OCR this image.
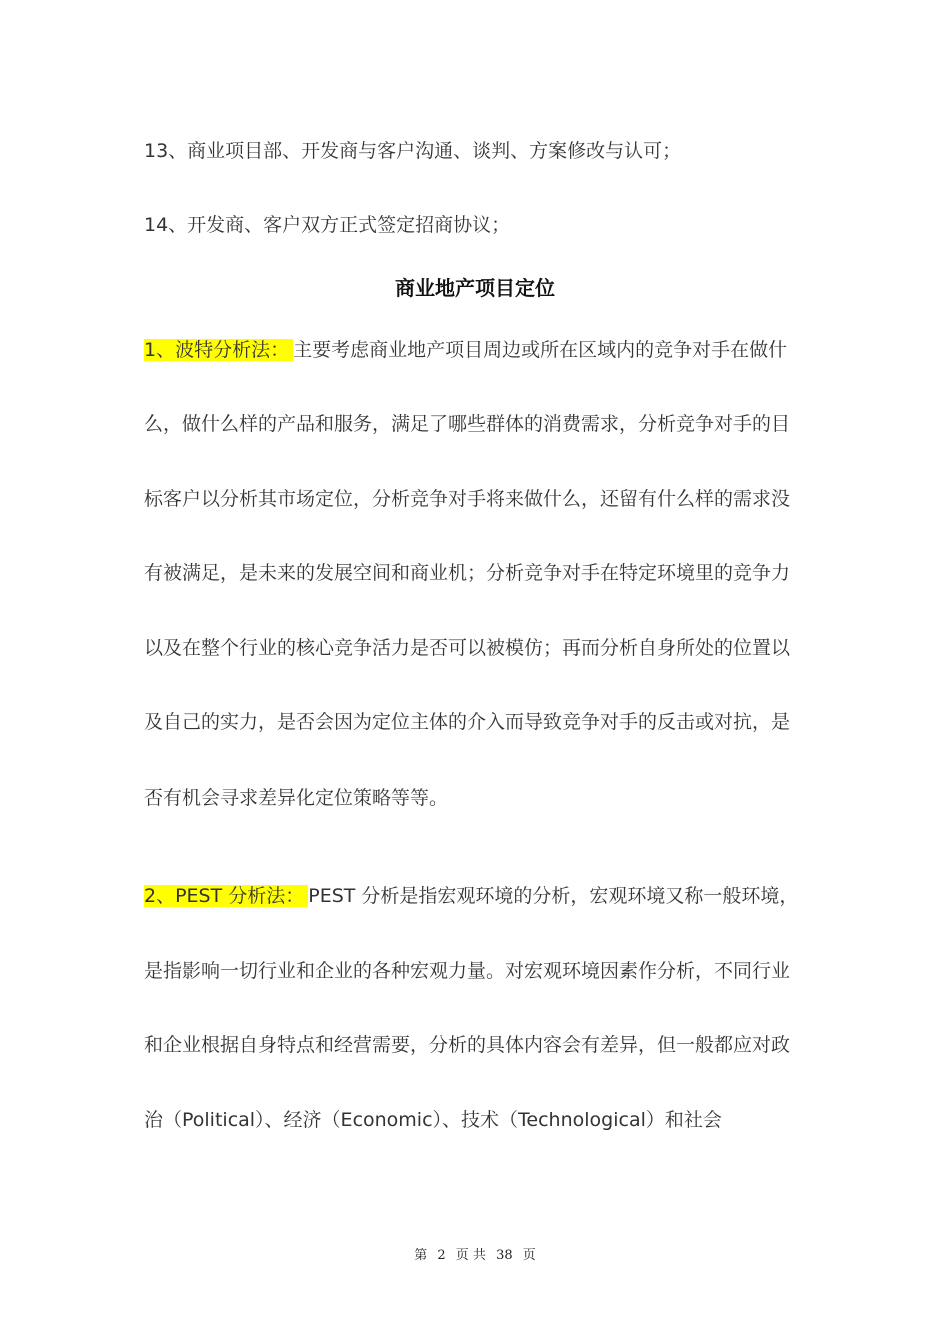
13、商业项目部、开发商与客户沟通、谈判、方案修改与认可；
14、开发商、客户双方正式签定招商协议；
商业地产项目定位
1、波特分析法： 主要考虑商业地产项目周边或所在区域内的竞争对手在做什
么，做什么样的产品和服务，满足了哪些群体的消费需求，分析竞争对手的目
标客户以分析其市场定位，分析竞争对手将来做什么，还留有什么样的需求没
有被满足，是未来的发展空间和商业机；分析竞争对手在特定环境里的竞争力
以及在整个行业的核心竞争活力是否可以被模仿；再而分析自身所处的位置以
及自己的实力，是否会因为定位主体的介入而导致竞争对手的反击或对抗，是
否有机会寻求差异化定位策略等等。
2、PEST 分析法： PEST 分析是指宏观环境的分析，宏观环境又称一般环境，
是指影响一切行业和企业的各种宏观力量。对宏观环境因素作分析，不同行业
和企业根据自身特点和经营需要，分析的具体内容会有差异，但一般都应对政
治（Political）、经济（Economic）、技术（Technological）和社会
第 2 页 共 38 页
